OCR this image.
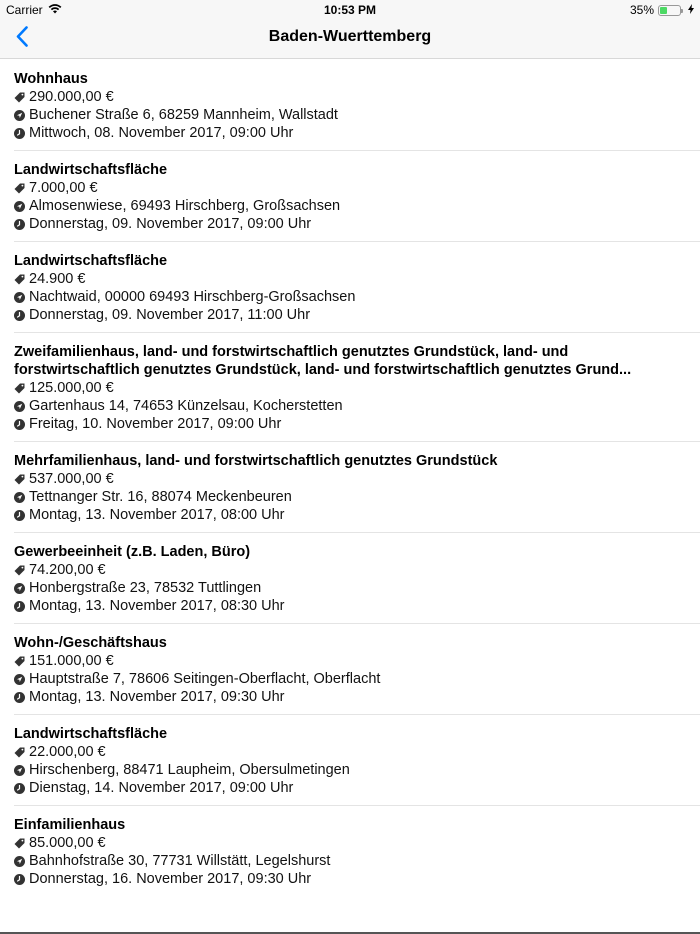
Carrier	10:53 PM	35%
Baden-Wuerttemberg
Wohnhaus
290.000,00 €
Buchener Straße 6, 68259 Mannheim, Wallstadt
Mittwoch, 08. November 2017, 09:00 Uhr
Landwirtschaftsfläche
7.000,00 €
Almosenwiese, 69493 Hirschberg, Großsachsen
Donnerstag, 09. November 2017, 09:00 Uhr
Landwirtschaftsfläche
24.900 €
Nachtwaid, 00000 69493 Hirschberg-Großsachsen
Donnerstag, 09. November 2017, 11:00 Uhr
Zweifamilienhaus, land- und forstwirtschaftlich genutztes Grundstück, land- und forstwirtschaftlich genutztes Grundstück, land- und forstwirtschaftlich genutztes Grund...
125.000,00 €
Gartenhaus 14, 74653 Künzelsau, Kocherstetten
Freitag, 10. November 2017, 09:00 Uhr
Mehrfamilienhaus, land- und forstwirtschaftlich genutztes Grundstück
537.000,00 €
Tettnanger Str. 16, 88074 Meckenbeuren
Montag, 13. November 2017, 08:00 Uhr
Gewerbeeinheit (z.B. Laden, Büro)
74.200,00 €
Honbergstraße 23, 78532 Tuttlingen
Montag, 13. November 2017, 08:30 Uhr
Wohn-/Geschäftshaus
151.000,00 €
Hauptstraße 7, 78606 Seitingen-Oberflacht, Oberflacht
Montag, 13. November 2017, 09:30 Uhr
Landwirtschaftsfläche
22.000,00 €
Hirschenberg, 88471 Laupheim, Obersulmetingen
Dienstag, 14. November 2017, 09:00 Uhr
Einfamilienhaus
85.000,00 €
Bahnhofstraße 30, 77731 Willstätt, Legelshurst
Donnerstag, 16. November 2017, 09:30 Uhr
